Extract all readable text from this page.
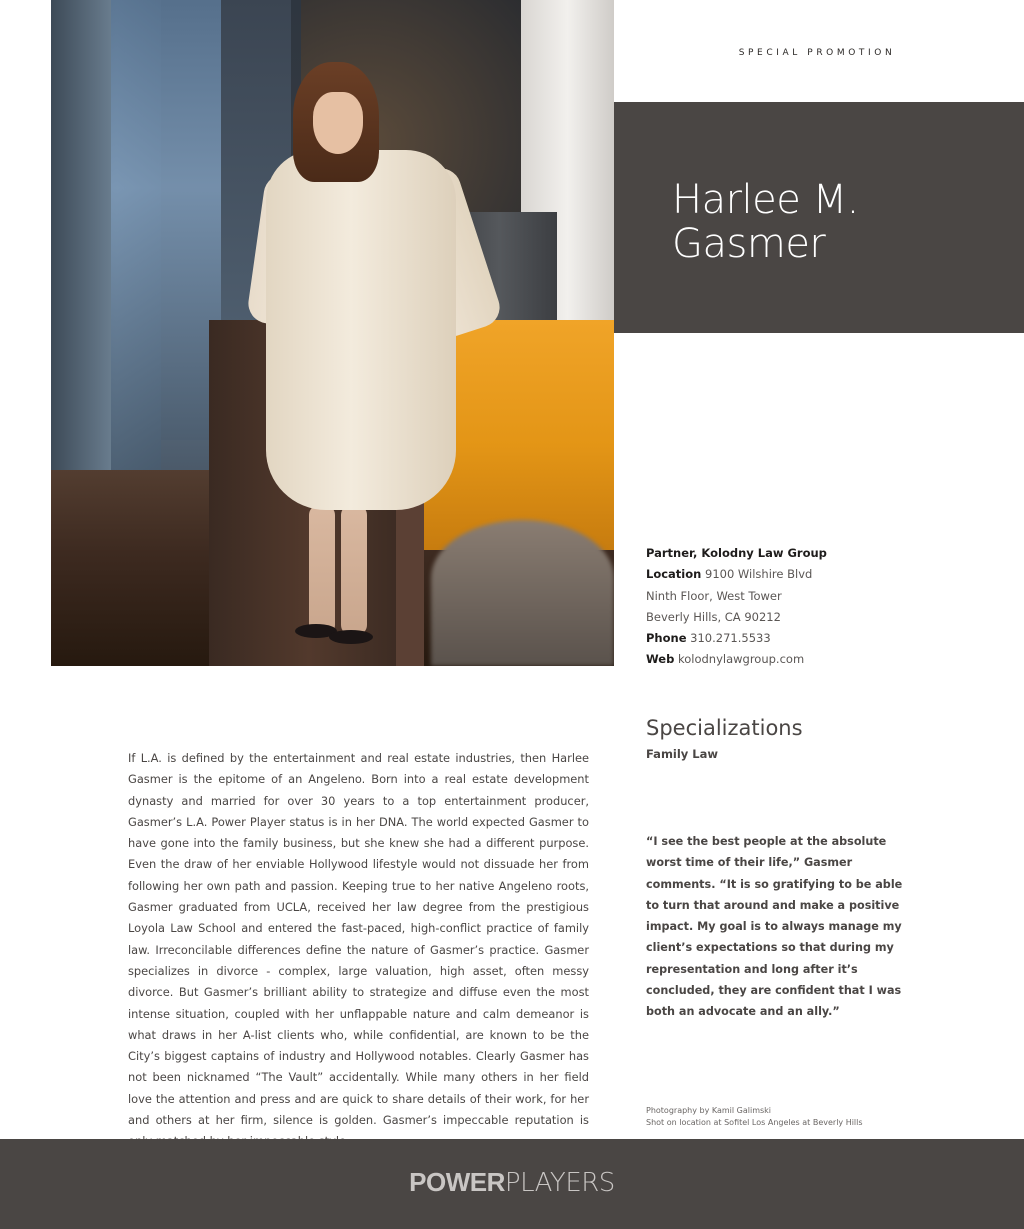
SPECIAL PROMOTION
Harlee M.
Gasmer
Partner, Kolodny Law Group
Location 9100 Wilshire Blvd
Ninth Floor, West Tower
Beverly Hills, CA 90212
Phone 310.271.5533
Web kolodnylawgroup.com
Specializations
Family Law
“I see the best people at the absolute worst time of their life,” Gasmer comments. “It is so gratifying to be able to turn that around and make a positive impact. My goal is to always manage my client’s expectations so that during my representation and long after it’s concluded, they are confident that I was both an advocate and an ally.”
If L.A. is defined by the entertainment and real estate industries, then Harlee Gasmer is the epitome of an Angeleno. Born into a real estate development dynasty and married for over 30 years to a top entertainment producer, Gasmer’s L.A. Power Player status is in her DNA. The world expected Gasmer to have gone into the family business, but she knew she had a different purpose. Even the draw of her enviable Hollywood lifestyle would not dissuade her from following her own path and passion. Keeping true to her native Angeleno roots, Gasmer graduated from UCLA, received her law degree from the prestigious Loyola Law School and entered the fast-paced, high-conflict practice of family law. Irreconcilable differences define the nature of Gasmer’s practice. Gasmer specializes in divorce - complex, large valuation, high asset, often messy divorce. But Gasmer’s brilliant ability to strategize and diffuse even the most intense situation, coupled with her unflappable nature and calm demeanor is what draws in her A-list clients who, while confidential, are known to be the City’s biggest captains of industry and Hollywood notables. Clearly Gasmer has not been nicknamed “The Vault” accidentally. While many others in her field love the attention and press and are quick to share details of their work, for her and others at her firm, silence is golden. Gasmer’s impeccable reputation is
Photography by Kamil Galimski
Shot on location at Sofitel Los Angeles at Beverly Hills
POWERPLAYERS
